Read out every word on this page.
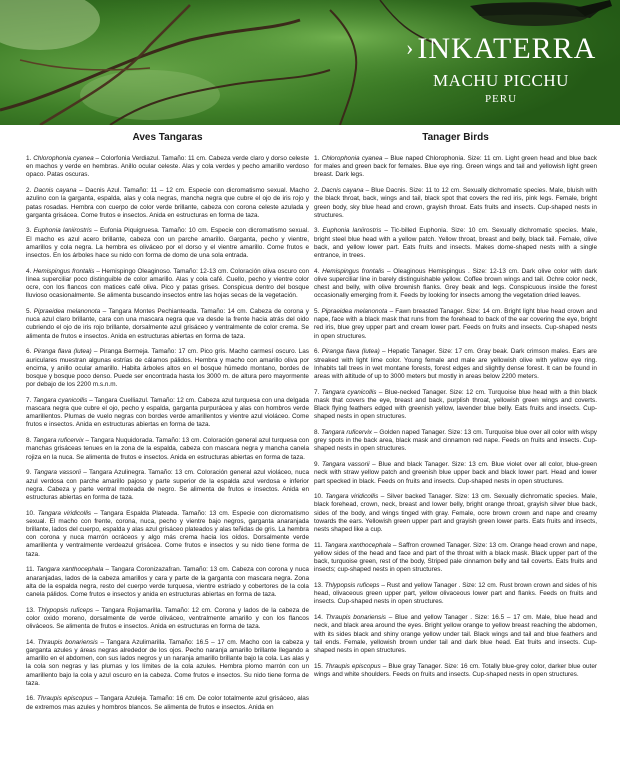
› INKATERRA
MACHU PICCHU
PERU
Aves Tangaras

1. Chlorophonia cyanea – Colorfonia Verdiazul. Tamaño: 11 cm. Cabeza verde claro y dorso celeste en machos y verde en hembras. Anillo ocular celeste. Alas y cola verdes y pecho amarillo verdoso opaco. Patas oscuras.

2. Dacnis cayana – Dacnis Azul. Tamaño: 11 – 12 cm. Especie con dicromatismo sexual. Macho azulino con la garganta, espalda, alas y cola negras, mancha negra que cubre el ojo de iris rojo y patas rosadas. Hembra con cuerpo de color verde brillante, cabeza con corona celeste azulada y garganta grisácea. Come frutos e insectos. Anida en estructuras en forma de taza.

3. Euphonia laniirostris – Eufonia Piquigruesa. Tamaño: 10 cm. Especie con dicromatismo sexual. El macho es azul acero brillante, cabeza con un parche amarillo. Garganta, pecho y vientre, amarillos y cola negra. La hembra es oliváceo por el dorso y el vientre amarillo. Come frutos e insectos. En los árboles hace su nido con forma de domo de una sola entrada.

4. Hemispingus frontalis – Hemispingo Oleaginoso. Tamaño: 12-13 cm. Coloración oliva oscuro con línea superciliar poco distinguible de color amarillo. Alas y cola café. Cuello, pecho y vientre color ocre, con los flancos con matices café oliva. Pico y patas grises. Conspicua dentro del bosque lluvioso ocasionalmente. Se alimenta buscando insectos entre las hojas secas de la vegetación.

5. Piprаeidea melanonota – Tangara Montes Pechianteada. Tamaño: 14 cm. Cabeza de corona y nuca azul claro brillante, cara con una mascara negra que va desde la frente hacia atrás del oido cubriendo el ojo de iris rojo brillante, dorsalmente azul grisáceo y ventralmente de color crema. Se alimenta de frutos e insectos. Anida en estructuras abiertas en forma de taza.

6. Piranga flava (lutea) – Piranga Bermeja. Tamaño: 17 cm. Pico gris. Macho carmesí oscuro. Las auriculares muestran algunas estrías de cálamos pálidos. Hembra y macho con amarillo oliva por encima, y anillo ocular amarillo. Habita árboles altos en el bosque húmedo montano, bordes de bosque y bosque poco denso. Puede ser encontrada hasta los 3000 m. de altura pero mayormente por debajo de los 2200 m.s.n.m.

7. Tangara cyanicollis – Tangara Cuelliazul. Tamaño: 12 cm. Cabeza azul turquesa con una delgada mascara negra que cubre el ojo, pecho y espalda, garganta purpurácea y alas con hombros verde amarillentos. Plumas de vuelo negras con bordes verde amarillentos y vientre azul violáceo. Come frutos e insectos. Anida en estructuras abiertas en forma de taza.

8. Tangara ruficervix – Tangara Nuquidorada. Tamaño: 13 cm. Coloración general azul turquesa con manchas grisáceas tenues en la zona de la espalda, cabeza con mascara negra y mancha canela rojiza en la nuca. Se alimenta de frutos e insectos. Anida en estructuras abiertas en forma de taza.

9. Tangara vassorii – Tangara Azulinegra. Tamaño: 13 cm. Coloración general azul violáceo, nuca azul verdosa con parche amarillo pajoso y parte superior de la espalda azul verdosa e inferior negra. Cabeza y parte ventral moteada de negro. Se alimenta de frutos e insectos. Anida en estructuras abiertas en forma de taza.

10. Tangara viridicollis – Tangara Espalda Plateada. Tamaño: 13 cm. Especie con dicromatismo sexual. El macho con frente, corona, nuca, pecho y vientre bajo negros, garganta anaranjada brillante, lados del cuerpo, espalda y alas azul grisáceo plateados y alas teñidas de gris. La hembra con corona y nuca marrón ocráceos y algo más crema hacia los oídos. Dorsalmente verde amarillenta y ventralmente verdeazul grisácea. Come frutos e insectos y su nido tiene forma de taza.

11. Tangara xanthocephala – Tangara Coronizazafran. Tamaño: 13 cm. Cabeza con corona y nuca anaranjadas, lados de la cabeza amarillos y cara y parte de la garganta con mascara negra. Zona alta de la espalda negra, resto del cuerpo verde turquesa, vientre estriado y cobertores de la cola canela pálidos. Come frutos e insectos y anida en estructuras abiertas en forma de taza.

13. Thlypopsis ruficeps – Tangara Rojiamarilla. Tamaño: 12 cm. Corona y lados de la cabeza de color oxido moreno, dorsalmente de verde oliváceo, ventralmente amarillo y con los flancos oliváceos. Se alimenta de frutos e insectos. Anida en estructuras en forma de taza.

14. Thraupis bonariensis – Tangara Azulimarilla. Tamaño: 16.5 – 17 cm. Macho con la cabeza y garganta azules y áreas negras alrededor de los ojos. Pecho naranja amarillo brillante llegando a amarillo en el abdomen, con sus lados negros y un naranja amarillo brillante bajo la cola. Las alas y la cola son negras y las plumas y los límites de la cola azules. Hembra plomo marrón con un amarillento bajo la cola y azul oscuro en la cabeza. Come frutos e insectos. Su nido tiene forma de taza.

16. Thraupis episcopus – Tangara Azuleja. Tamaño: 16 cm. De color totalmente azul grisáceo, alas de extremos mas azules y hombros blancos. Se alimenta de frutos e insectos. Anida en

Tanager Birds

1. Chlorophonia cyanea – Blue naped Chlorophonia. Size: 11 cm. Light green head and blue back for males and green back for females. Blue eye ring. Green wings and tail and yellowish light green breast. Dark legs.

2. Dacnis cayana – Blue Dacnis. Size: 11 to 12 cm. Sexually dichromatic species. Male, bluish with the black throat, back, wings and tail, black spot that covers the red iris, pink legs. Female, bright green body, sky blue head and crown, grayish throat. Eats fruits and insects. Cup-shaped nests in structures.

3. Euphonia laniirostris – Tic-billed Euphonia. Size: 10 cm. Sexually dichromatic species. Male, bright steel blue head with a yellow patch. Yellow throat, breast and belly, black tail. Female, olive back, and yellow lower part. Eats fruits and insects. Makes dome-shaped nests with a single entrance, in trees.

4. Hemispingus frontalis – Oleaginous Hemispingus . Size: 12-13 cm. Dark olive color with dark olive superciliar line in barely distinguishable yellow. Coffee brown wings and tail. Ochre color neck, chest and belly, with olive brownish flanks. Grey beak and legs. Conspicuous inside the forest occasionally emerging from it. Feeds by looking for insects among the vegetation dried leaves.

5. Piprаeidea melanonota – Fawn breasted Tanager. Size: 14 cm. Bright light blue head crown and nape, face with a black mask that runs from the forehead to back of the ear covering the eye, bright red iris, blue grey upper part and cream lower part. Feeds on fruits and insects. Cup-shaped nests in open structures.

6. Piranga flava (lutea) – Hepatic Tanager. Size: 17 cm. Gray beak. Dark crimson males. Ears are streaked with light lime color. Young female and male are yellowish olive with yellow eye ring. Inhabits tall trees in wet montane forests, forest edges and slightly dense forest. It can be found in areas with altitude of up to 3000 meters but mostly in areas below 2200 meters.

7. Tangara cyanicollis – Blue-necked Tanager. Size: 12 cm. Turquoise blue head with a thin black mask that covers the eye, breast and back, purplish throat, yellowish green wings and coverts. Black flying feathers edged with greenish yellow, lavender blue belly. Eats fruits and insects. Cup-shaped nests in open structures.

8. Tangara ruficervix – Golden naped Tanager. Size: 13 cm. Turquoise blue over all color with wispy grey spots in the back area, black mask and cinnamon red nape. Feeds on fruits and insects. Cup-shaped nests in open structures.

9. Tangara vassorii – Blue and black Tanager. Size: 13 cm. Blue violet over all color, blue-green neck with straw yellow patch and greenish blue upper back and black lower part. Head and lower part specked in black. Feeds on fruits and insects. Cup-shaped nests in open structures.

10. Tangara viridicollis – Silver backed Tanager. Size: 13 cm. Sexually dichromatic species. Male, black forehead, crown, neck, breast and lower belly, bright orange throat, grayish silver blue back, sides of the body, and wings tinged with gray. Female, ocre brown crown and nape and creamy towards the ears. Yellowish green upper part and grayish green lower parts. Eats fruits and insects, nests shaped like a cup.

11. Tangara xanthocephala – Saffron crowned Tanager. Size: 13 cm. Orange head crown and nape, yellow sides of the head and face and part of the throat with a black mask. Black upper part of the back, turquoise green, rest of the body, Striped pale cinnamon belly and tail coverts. Eats fruits and insects; cup-shaped nests in open structures.

13. Thlypopsis ruficeps – Rust and yellow Tanager . Size: 12 cm. Rust brown crown and sides of his head, olivaceous green upper part, yellow olivaceous lower part and flanks. Feeds on fruits and insects. Cup-shaped nests in open structures.

14. Thraupis bonariensis – Blue and yellow Tanager . Size: 16.5 – 17 cm. Male, blue head and neck, and black area around the eyes. Bright yellow orange to yellow breast reaching the abdomen, with its sides black and shiny orange yellow under tail. Black wings and tail and blue feathers and tail ends. Female, yellowish brown under tail and dark blue head. Eat fruits and insects. Cup-shaped nests in open structures.

15. Thraupis episcopus – Blue gray Tanager. Size: 16 cm. Totally blue-grey color, darker blue outer wings and white shoulders. Feeds on fruits and insects. Cup-shaped nests in open structures.
